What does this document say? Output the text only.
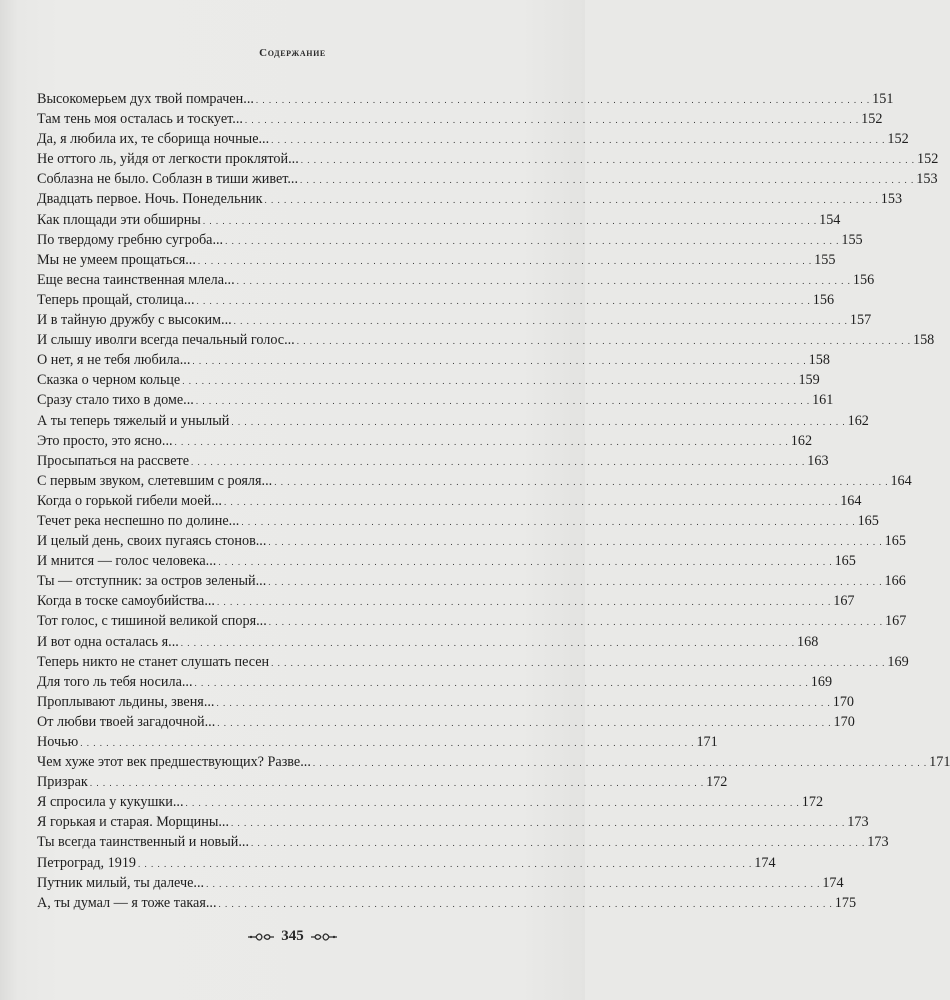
Содержание
Высокомерьем дух твой помрачен... . . .	151
Там тень моя осталась и тоскует... . . .	152
Да, я любила их, те сборища ночные... . . .	152
Не оттого ль, уйдя от легкости проклятой... . . .	152
Соблазна не было. Соблазн в тиши живет... . . .	153
Двадцать первое. Ночь. Понедельник . . .	153
Как площади эти обширны . . .	154
По твердому гребню сугроба... . . .	155
Мы не умеем прощаться... . . .	155
Еще весна таинственная млела... . . .	156
Теперь прощай, столица... . . .	156
И в тайную дружбу с высоким... . . .	157
И слышу иволги всегда печальный голос... . . .	158
О нет, я не тебя любила... . . .	158
Сказка о черном кольце . . .	159
Сразу стало тихо в доме... . . .	161
А ты теперь тяжелый и унылый . . .	162
Это просто, это ясно... . . .	162
Просыпаться на рассвете . . .	163
С первым звуком, слетевшим с рояля... . . .	164
Когда о горькой гибели моей... . . .	164
Течет река неспешно по долине... . . .	165
И целый день, своих пугаясь стонов... . . .	165
И мнится — голос человека... . . .	165
Ты — отступник: за остров зеленый... . . .	166
Когда в тоске самоубийства... . . .	167
Тот голос, с тишиной великой споря... . . .	167
И вот одна осталась я... . . .	168
Теперь никто не станет слушать песен . . .	169
Для того ль тебя носила... . . .	169
Проплывают льдины, звеня... . . .	170
От любви твоей загадочной... . . .	170
Ночью . . .	171
Чем хуже этот век предшествующих? Разве... . . .	171
Призрак . . .	172
Я спросила у кукушки... . . .	172
Я горькая и старая. Морщины... . . .	173
Ты всегда таинственный и новый... . . .	173
Петроград, 1919 . . .	174
Путник милый, ты далече... . . .	174
А, ты думал — я тоже такая... . . .	175
345
